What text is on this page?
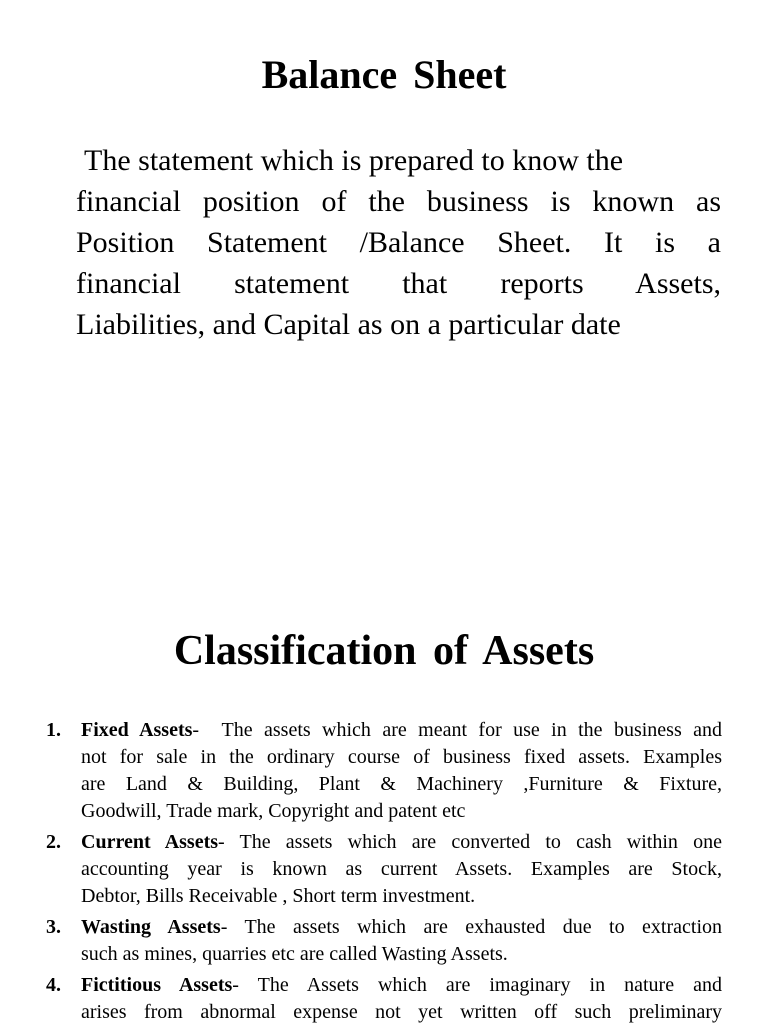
Balance Sheet

The statement which is prepared to know the
financial position of the business is known as
Position Statement /Balance Sheet. It is a
financial statement that reports Assets,
Liabilities, and Capital as on a particular date

Classification of Assets
1. Fixed Assets- The assets which are meant for use in the business and
not for sale in the ordinary course of business fixed assets. Examples
are Land & Building, Plant & Machinery ,Furniture & Fixture,
Goodwill, Trade mark, Copyright and patent etc
2. Current Assets- The assets which are converted to cash within one
accounting year is known as current Assets. Examples are Stock,
Debtor, Bills Receivable , Short term investment.
3. Wasting Assets- The assets which are exhausted due to extraction
such as mines, quarries etc are called Wasting Assets.
4. Fictitious Assets- The Assets which are imaginary in nature and
arises from abnormal expense not yet written off such preliminary
